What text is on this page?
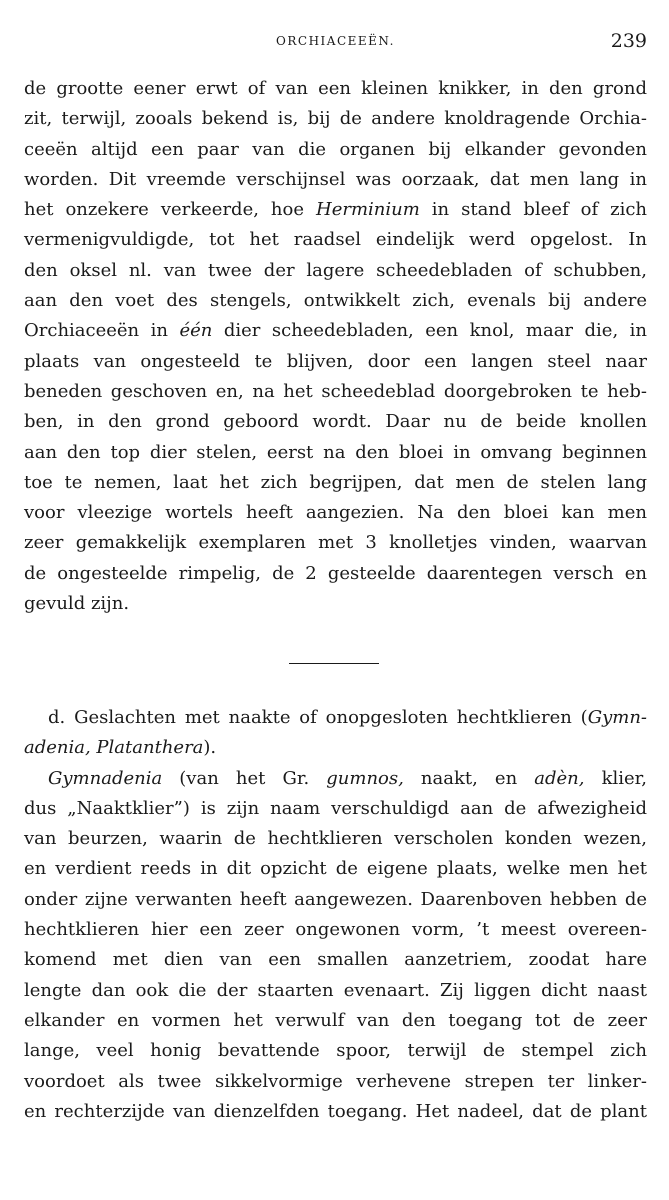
ORCHIACEEËN.	239
de grootte eener erwt of van een kleinen knikker, in den grond
zit, terwijl, zooals bekend is, bij de andere knoldragende Orchia-
ceeën altijd een paar van die organen bij elkander gevonden
worden. Dit vreemde verschijnsel was oorzaak, dat men lang in
het onzekere verkeerde, hoe Herminium in stand bleef of zich
vermenigvuldigde, tot het raadsel eindelijk werd opgelost. In
den oksel nl. van twee der lagere scheedebladen of schubben,
aan den voet des stengels, ontwikkelt zich, evenals bij andere
Orchiaceeën in één dier scheedebladen, een knol, maar die, in
plaats van ongesteeld te blijven, door een langen steel naar
beneden geschoven en, na het scheedeblad doorgebroken te heb-
ben, in den grond geboord wordt. Daar nu de beide knollen
aan den top dier stelen, eerst na den bloei in omvang beginnen
toe te nemen, laat het zich begrijpen, dat men de stelen lang
voor vleezige wortels heeft aangezien. Na den bloei kan men
zeer gemakkelijk exemplaren met 3 knolletjes vinden, waarvan
de ongesteelde rimpelig, de 2 gesteelde daarentegen versch en
gevuld zijn.
d. Geslachten met naakte of onopgesloten hechtklieren (Gymn-
adenia, Platanthera).
Gymnadenia (van het Gr. gumnos, naakt, en adèn, klier,
dus „Naaktklier”) is zijn naam verschuldigd aan de afwezigheid
van beurzen, waarin de hechtklieren verscholen konden wezen,
en verdient reeds in dit opzicht de eigene plaats, welke men het
onder zijne verwanten heeft aangewezen. Daarenboven hebben de
hechtklieren hier een zeer ongewonen vorm, ’t meest overeen-
komend met dien van een smallen aanzetriem, zoodat hare
lengte dan ook die der staarten evenaart. Zij liggen dicht naast
elkander en vormen het verwulf van den toegang tot de zeer
lange, veel honig bevattende spoor, terwijl de stempel zich
voordoet als twee sikkelvormige verhevene strepen ter linker-
en rechterzijde van dienzelfden toegang. Het nadeel, dat de plant
